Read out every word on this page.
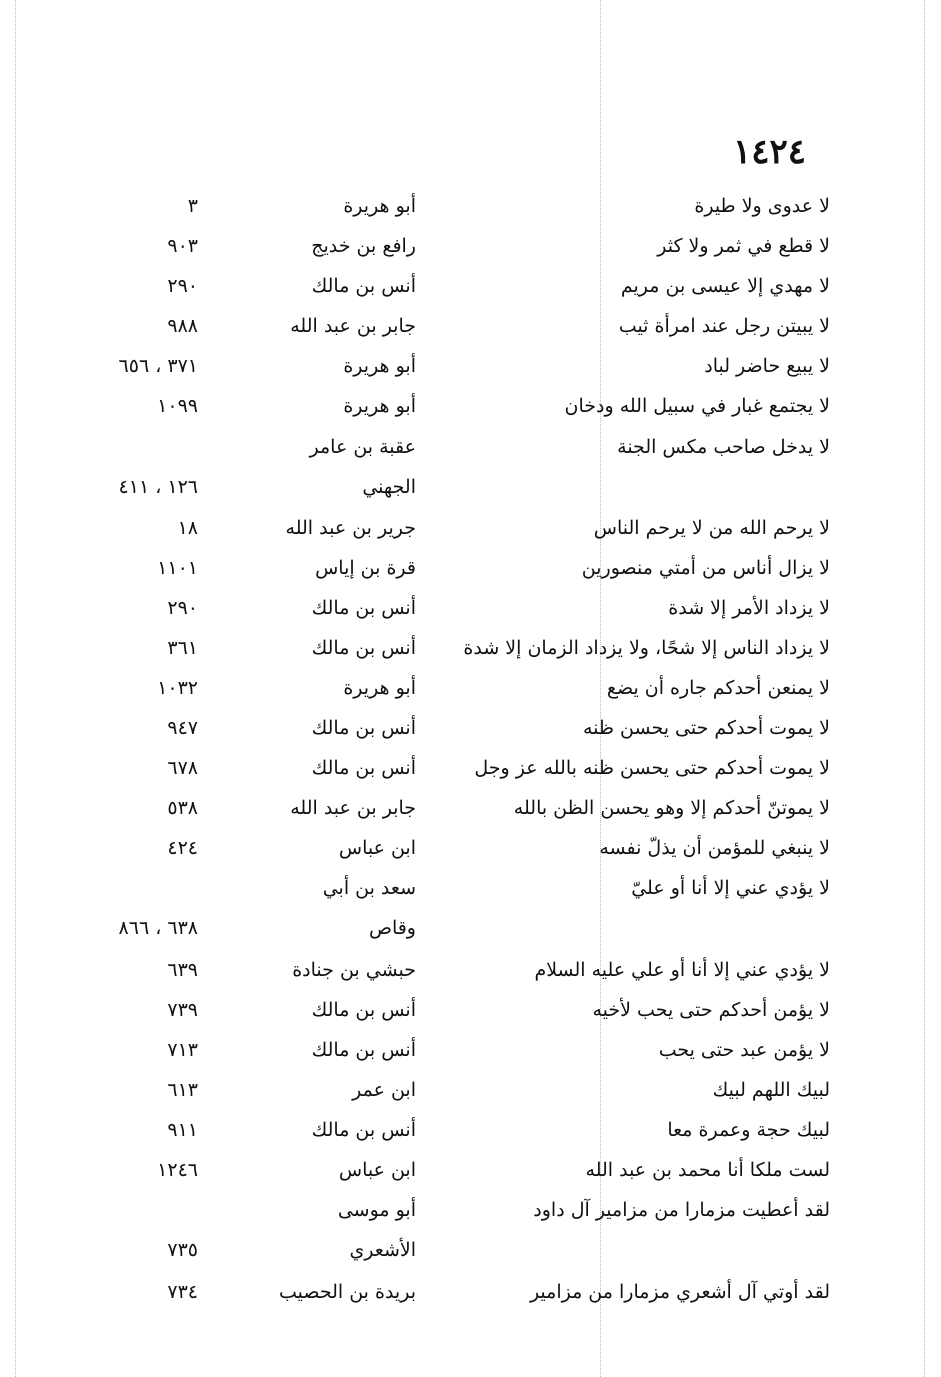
١٤٢٤
لا عدوى ولا طيرة
أبو هريرة
٣
لا قطع في ثمر ولا كثر
رافع بن خديج
٩٠٣
لا مهدي إلا عيسى بن مريم
أنس بن مالك
٢٩٠
لا يبيتن رجل عند امرأة ثيب
جابر بن عبد الله
٩٨٨
لا يبيع حاضر لباد
أبو هريرة
٣٧١ ، ٦٥٦
لا يجتمع غبار في سبيل الله ودخان
أبو هريرة
١٠٩٩
لا يدخل صاحب مكس الجنة
عقبة بن عامر
الجهني
١٢٦ ، ٤١١
لا يرحم الله من لا يرحم الناس
جرير بن عبد الله
١٨
لا يزال أناس من أمتي منصورين
قرة بن إياس
١١٠١
لا يزداد الأمر إلا شدة
أنس بن مالك
٢٩٠
لا يزداد الناس إلا شحًا، ولا يزداد الزمان إلا شدة
أنس بن مالك
٣٦١
لا يمنعن أحدكم جاره أن يضع
أبو هريرة
١٠٣٢
لا يموت أحدكم حتى يحسن ظنه
أنس بن مالك
٩٤٧
لا يموت أحدكم حتى يحسن ظنه بالله عز وجل
أنس بن مالك
٦٧٨
لا يموتنّ أحدكم إلا وهو يحسن الظن بالله
جابر بن عبد الله
٥٣٨
لا ينبغي للمؤمن أن يذلّ نفسه
ابن عباس
٤٢٤
لا يؤدي عني إلا أنا أو عليّ
سعد بن أبي
وقاص
٦٣٨ ، ٨٦٦
لا يؤدي عني إلا أنا أو علي عليه السلام
حبشي بن جنادة
٦٣٩
لا يؤمن أحدكم حتى يحب لأخيه
أنس بن مالك
٧٣٩
لا يؤمن عبد حتى يحب
أنس بن مالك
٧١٣
لبيك اللهم لبيك
ابن عمر
٦١٣
لبيك حجة وعمرة معا
أنس بن مالك
٩١١
لست ملكا أنا محمد بن عبد الله
ابن عباس
١٢٤٦
لقد أعطيت مزمارا من مزامير آل داود
أبو موسى
الأشعري
٧٣٥
لقد أوتي آل أشعري مزمارا من مزامير
بريدة بن الحصيب
٧٣٤
